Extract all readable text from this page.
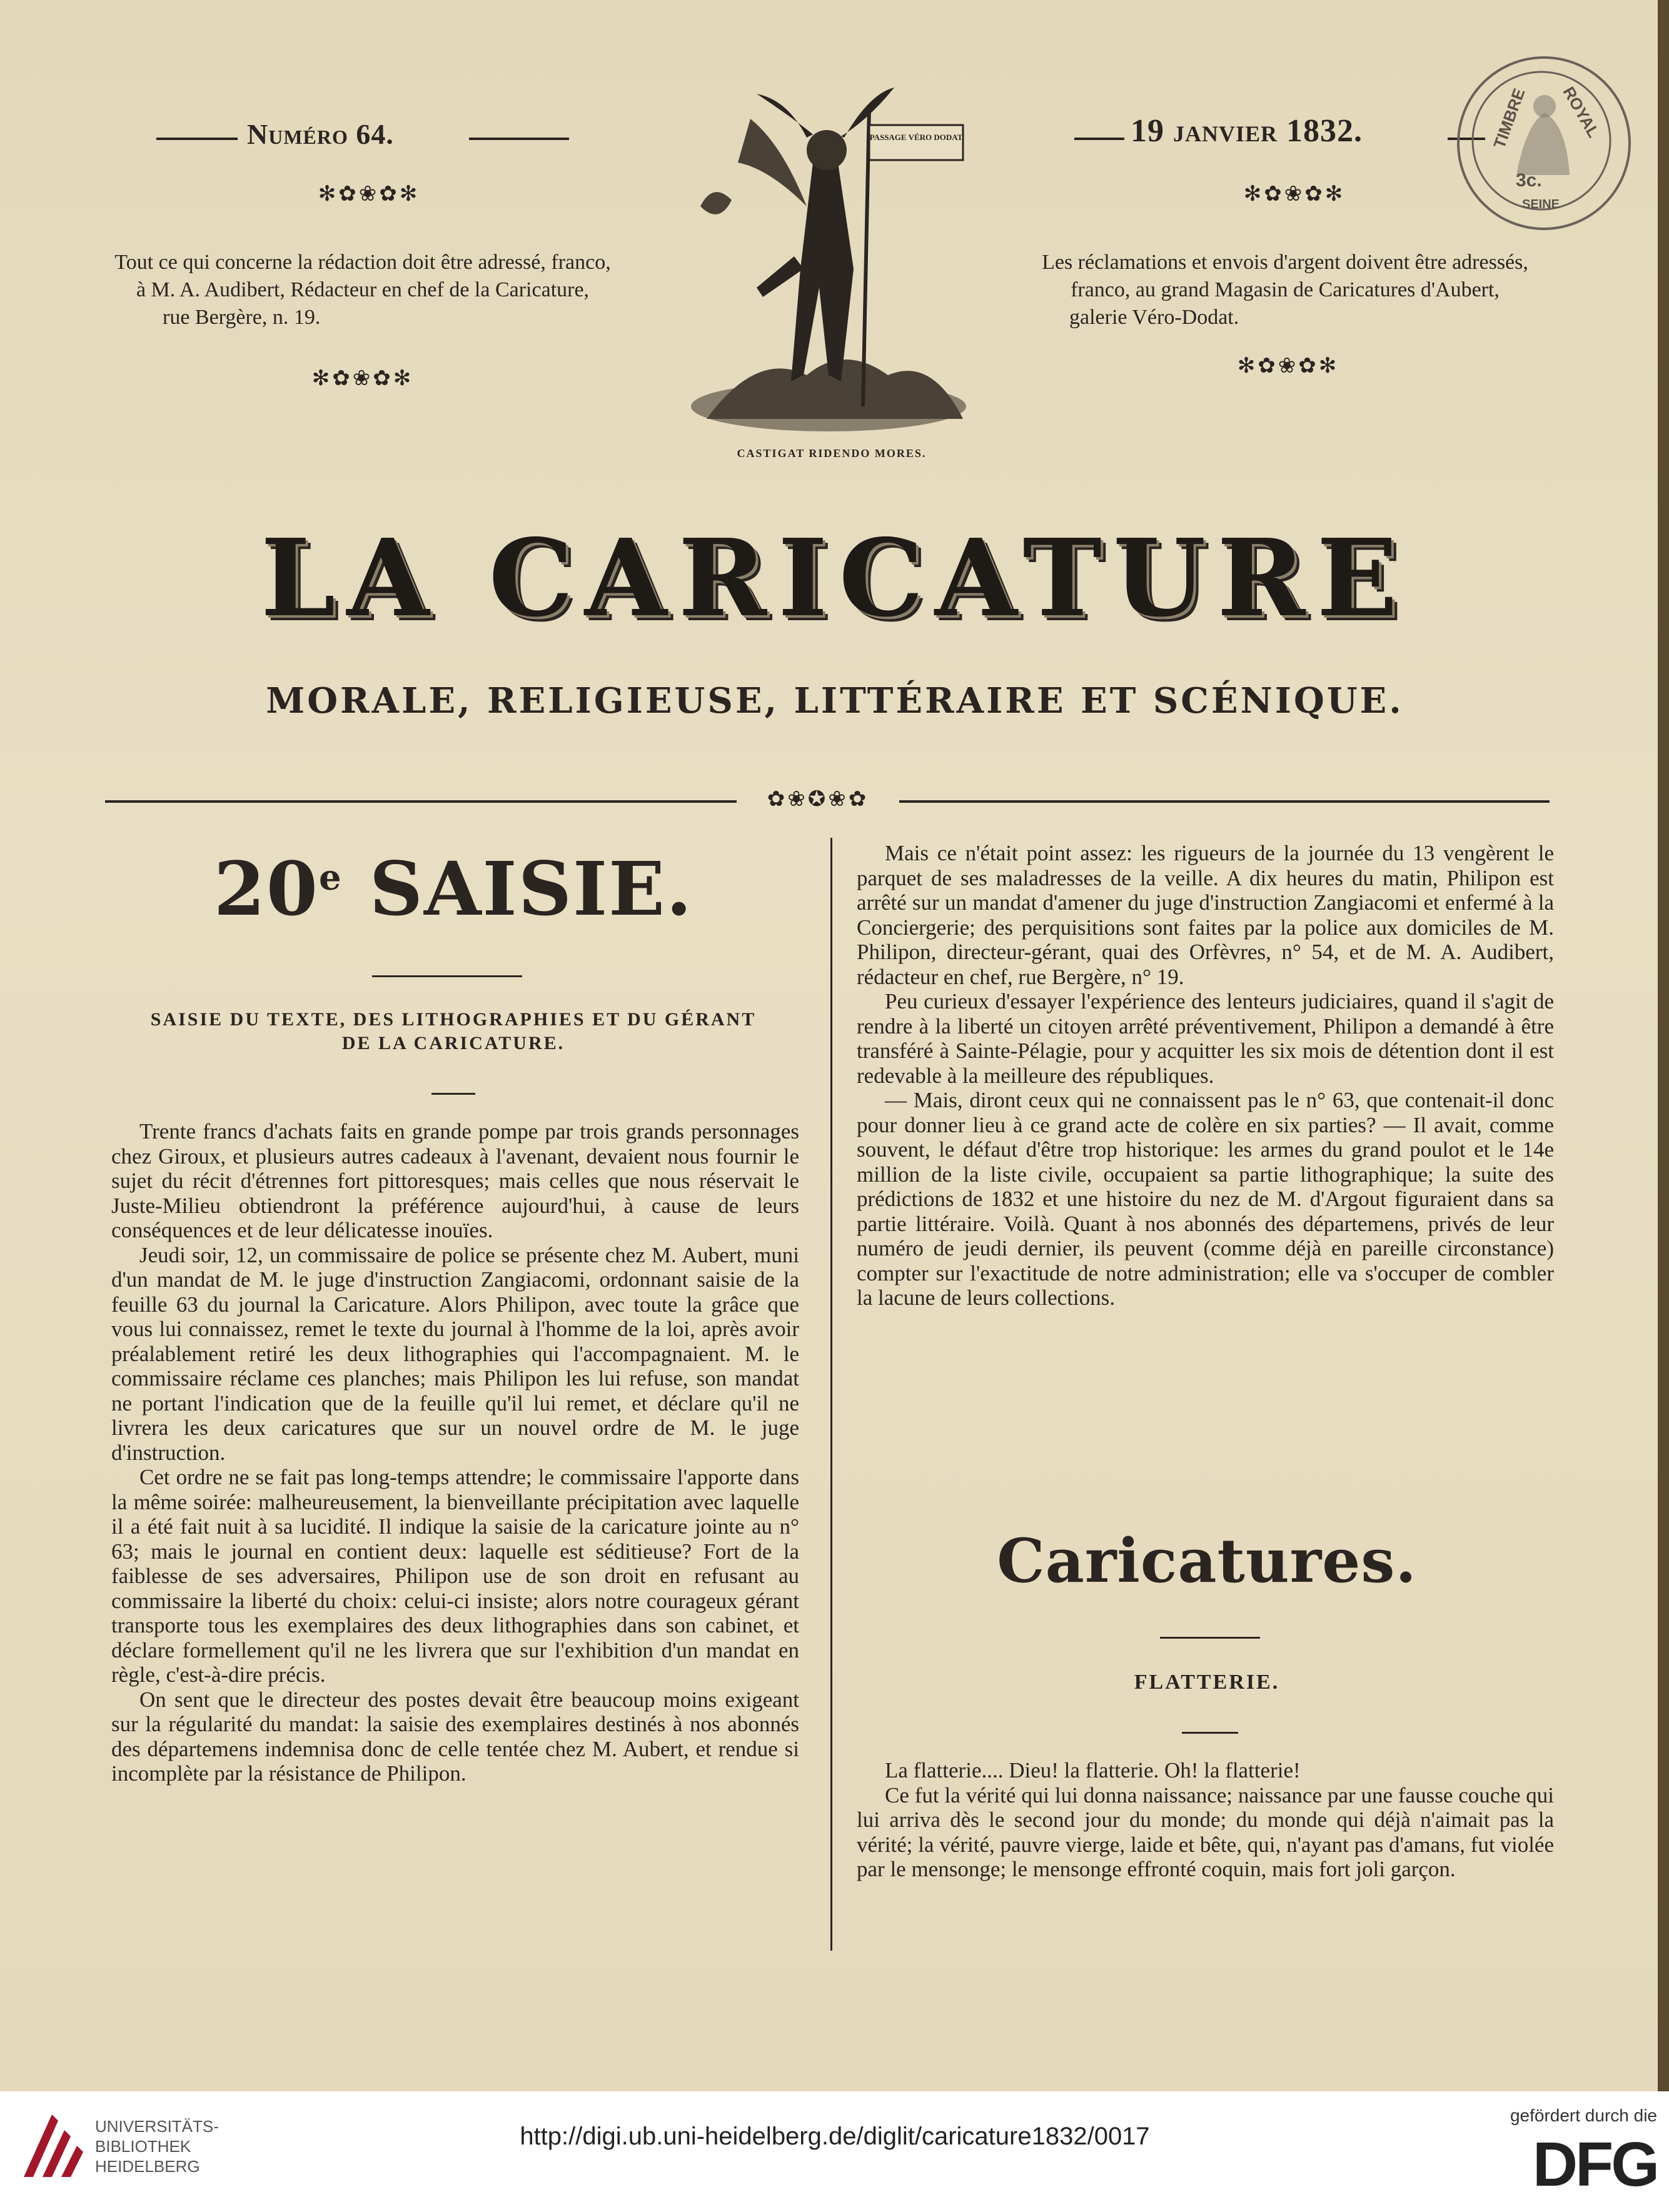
Numéro 64.	19 janvier 1832.
✻✿❀✿✻	✻✿❀✿✻
Tout ce qui concerne la rédaction doit être adressé, franco,
à M. A. Audibert, Rédacteur en chef de la Caricature,
rue Bergère, n. 19.
Les réclamations et envois d'argent doivent être adressés,
franco, au grand Magasin de Caricatures d'Aubert,
galerie Véro-Dodat.
✻✿❀✿✻
✻✿❀✿✻
PASSAGE VÉRO DODAT
CASTIGAT RIDENDO MORES.
TIMBRE ROYAL
3c.
SEINE
LA CARICATURE
MORALE, RELIGIEUSE, LITTÉRAIRE ET SCÉNIQUE.
✿❀✪❀✿
20e SAISIE.
SAISIE DU TEXTE, DES LITHOGRAPHIES ET DU GÉRANT
DE LA CARICATURE.

Trente francs d'achats faits en grande pompe par trois grands personnages chez Giroux, et plusieurs autres cadeaux à l'avenant, devaient nous fournir le sujet du récit d'étrennes fort pittoresques; mais celles que nous réservait le Juste-Milieu obtiendront la préférence aujourd'hui, à cause de leurs conséquences et de leur délicatesse inouïes.

Jeudi soir, 12, un commissaire de police se présente chez M. Aubert, muni d'un mandat de M. le juge d'instruction Zangiacomi, ordonnant saisie de la feuille 63 du journal la Caricature. Alors Philipon, avec toute la grâce que vous lui connaissez, remet le texte du journal à l'homme de la loi, après avoir préalablement retiré les deux lithographies qui l'accompagnaient. M. le commissaire réclame ces planches; mais Philipon les lui refuse, son mandat ne portant l'indication que de la feuille qu'il lui remet, et déclare qu'il ne livrera les deux caricatures que sur un nouvel ordre de M. le juge d'instruction.

Cet ordre ne se fait pas long-temps attendre; le commissaire l'apporte dans la même soirée: malheureusement, la bienveillante précipitation avec laquelle il a été fait nuit à sa lucidité. Il indique la saisie de la caricature jointe au n° 63; mais le journal en contient deux: laquelle est séditieuse? Fort de la faiblesse de ses adversaires, Philipon use de son droit en refusant au commissaire la liberté du choix: celui-ci insiste; alors notre courageux gérant transporte tous les exemplaires des deux lithographies dans son cabinet, et déclare formellement qu'il ne les livrera que sur l'exhibition d'un mandat en règle, c'est-à-dire précis.

On sent que le directeur des postes devait être beaucoup moins exigeant sur la régularité du mandat: la saisie des exemplaires destinés à nos abonnés des départemens indemnisa donc de celle tentée chez M. Aubert, et rendue si incomplète par la résistance de Philipon.

Mais ce n'était point assez: les rigueurs de la journée du 13 vengèrent le parquet de ses maladresses de la veille. A dix heures du matin, Philipon est arrêté sur un mandat d'amener du juge d'instruction Zangiacomi et enfermé à la Conciergerie; des perquisitions sont faites par la police aux domiciles de M. Philipon, directeur-gérant, quai des Orfèvres, n° 54, et de M. A. Audibert, rédacteur en chef, rue Bergère, n° 19.

Peu curieux d'essayer l'expérience des lenteurs judiciaires, quand il s'agit de rendre à la liberté un citoyen arrêté préventivement, Philipon a demandé à être transféré à Sainte-Pélagie, pour y acquitter les six mois de détention dont il est redevable à la meilleure des républiques.

— Mais, diront ceux qui ne connaissent pas le n° 63, que contenait-il donc pour donner lieu à ce grand acte de colère en six parties? — Il avait, comme souvent, le défaut d'être trop historique: les armes du grand poulot et le 14e million de la liste civile, occupaient sa partie lithographique; la suite des prédictions de 1832 et une histoire du nez de M. d'Argout figuraient dans sa partie littéraire. Voilà. Quant à nos abonnés des départemens, privés de leur numéro de jeudi dernier, ils peuvent (comme déjà en pareille circonstance) compter sur l'exactitude de notre administration; elle va s'occuper de combler la lacune de leurs collections.

Caricatures.
FLATTERIE.

La flatterie.... Dieu! la flatterie. Oh! la flatterie!

Ce fut la vérité qui lui donna naissance; naissance par une fausse couche qui lui arriva dès le second jour du monde; du monde qui déjà n'aimait pas la vérité; la vérité, pauvre vierge, laide et bête, qui, n'ayant pas d'amans, fut violée par le mensonge; le mensonge effronté coquin, mais fort joli garçon.

UNIVERSITÄTS-
BIBLIOTHEK
HEIDELBERG
http://digi.ub.uni-heidelberg.de/diglit/caricature1832/0017
gefördert durch die
DFG
